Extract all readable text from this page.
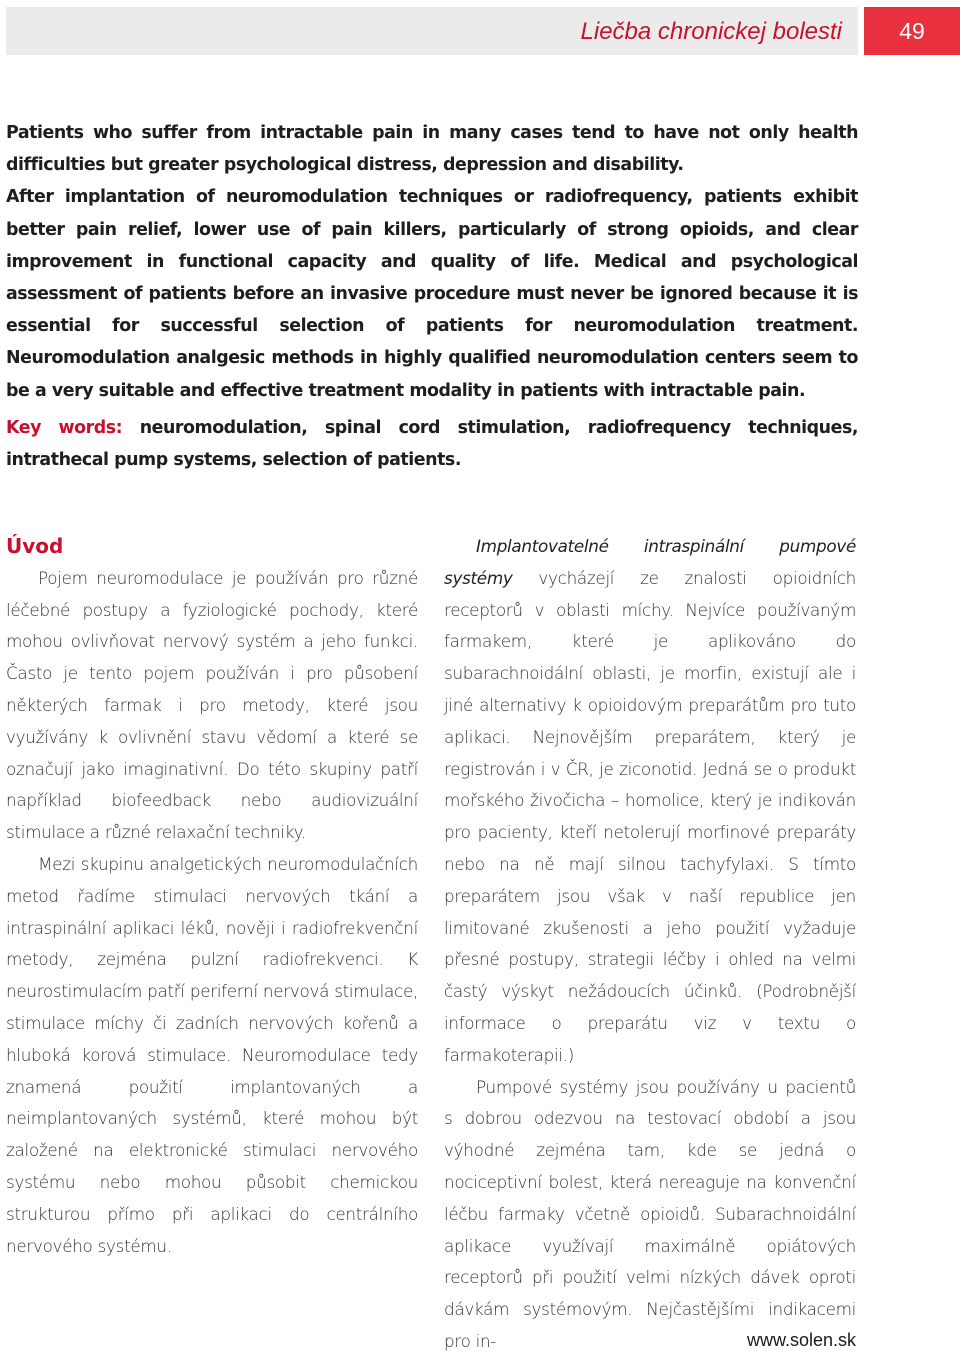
Liečba chronickej bolesti 49

Patients who suffer from intractable pain in many cases tend to have not only health difficulties but greater psychological distress, depression and disability.
After implantation of neuromodulation techniques or radiofrequency, patients exhibit better pain relief, lower use of pain killers, particularly of strong opioids, and clear improvement in functional capacity and quality of life. Medical and psychological assessment of patients before an invasive procedure must never be ignored because it is essential for successful selection of patients for neuromodulation treatment. Neuromodulation analgesic methods in highly qualified neuromodulation centers seem to be a very suitable and effective treatment modality in patients with intractable pain.

Key words: neuromodulation, spinal cord stimulation, radiofrequency techniques, intrathecal pump systems, selection of patients.

Úvod

Pojem neuromodulace je používán pro různé léčebné postupy a fyziologické pochody, které mohou ovlivňovat nervový systém a jeho funkci. Často je tento pojem používán i pro působení některých farmak i pro metody, které jsou využívány k ovlivnění stavu vědomí a které se označují jako imaginativní. Do této skupiny patří například biofeedback nebo audiovizuální stimulace a různé relaxační techniky.

Mezi skupinu analgetických neuromodulačních metod řadíme stimulaci nervových tkání a intraspinální aplikaci léků, nověji i radiofrekvenční metody, zejména pulzní radiofrekvenci. K neurostimulacím patří periferní nervová stimulace, stimulace míchy či zadních nervových kořenů a hluboká korová stimulace. Neuromodulace tedy znamená použití implantovaných a neimplantovaných systémů, které mohou být založené na elektronické stimulaci nervového systému nebo mohou působit chemickou strukturou přímo při aplikaci do centrálního nervového systému.

Implantovatelné intraspinální pumpové systémy vycházejí ze znalosti opioidních receptorů v oblasti míchy. Nejvíce používaným farmakem, které je aplikováno do subarachnoidální oblasti, je morfin, existují ale i jiné alternativy k opioidovým preparátům pro tuto aplikaci. Nejnovějším preparátem, který je registrován i v ČR, je ziconotid. Jedná se o produkt mořského živočicha – homolice, který je indikován pro pacienty, kteří netolerují morfinové preparáty nebo na ně mají silnou tachyfylaxi. S tímto preparátem jsou však v naší republice jen limitované zkušenosti a jeho použití vyžaduje přesné postupy, strategii léčby i ohled na velmi častý výskyt nežádoucích účinků. (Podrobnější informace o preparátu viz v textu o farmakoterapii.)

Pumpové systémy jsou používány u pacientů s dobrou odezvou na testovací období a jsou výhodné zejména tam, kde se jedná o nociceptivní bolest, která nereaguje na konvenční léčbu farmaky včetně opioidů. Subarachnoidální aplikace využívají maximálně opiátových receptorů při použití velmi nízkých dávek oproti dávkám systémovým. Nejčastějšími indikacemi pro in-	www.solen.sk
